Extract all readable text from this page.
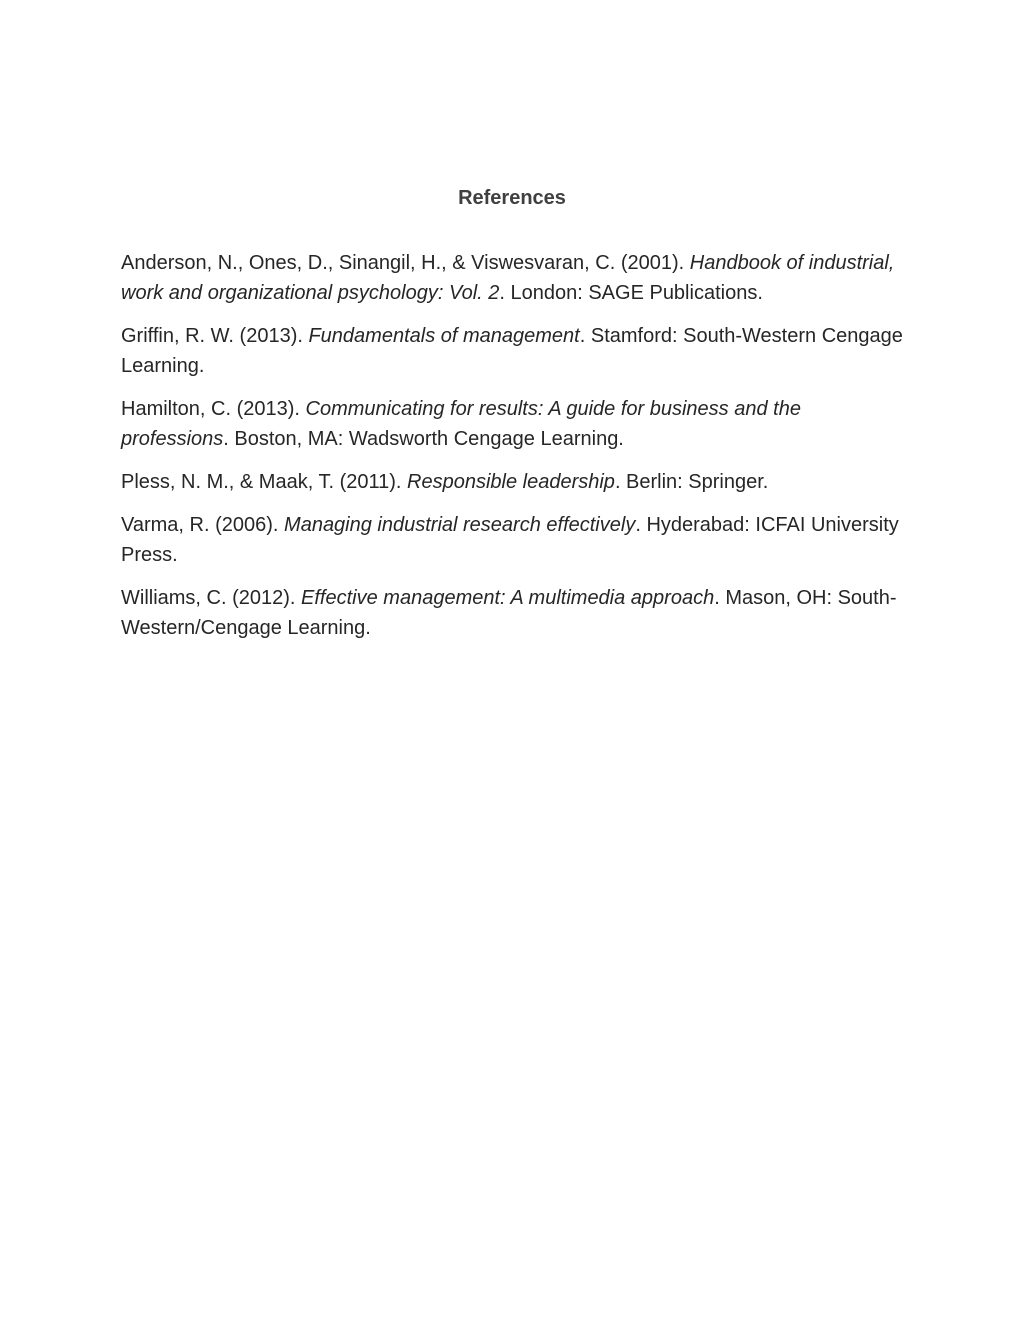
References

Anderson, N., Ones, D., Sinangil, H., & Viswesvaran, C. (2001). Handbook of industrial, work and organizational psychology: Vol. 2. London: SAGE Publications.

Griffin, R. W. (2013). Fundamentals of management. Stamford: South-Western Cengage Learning.

Hamilton, C. (2013). Communicating for results: A guide for business and the professions. Boston, MA: Wadsworth Cengage Learning.

Pless, N. M., & Maak, T. (2011). Responsible leadership. Berlin: Springer.

Varma, R. (2006). Managing industrial research effectively. Hyderabad: ICFAI University Press.

Williams, C. (2012). Effective management: A multimedia approach. Mason, OH: South-Western/Cengage Learning.
